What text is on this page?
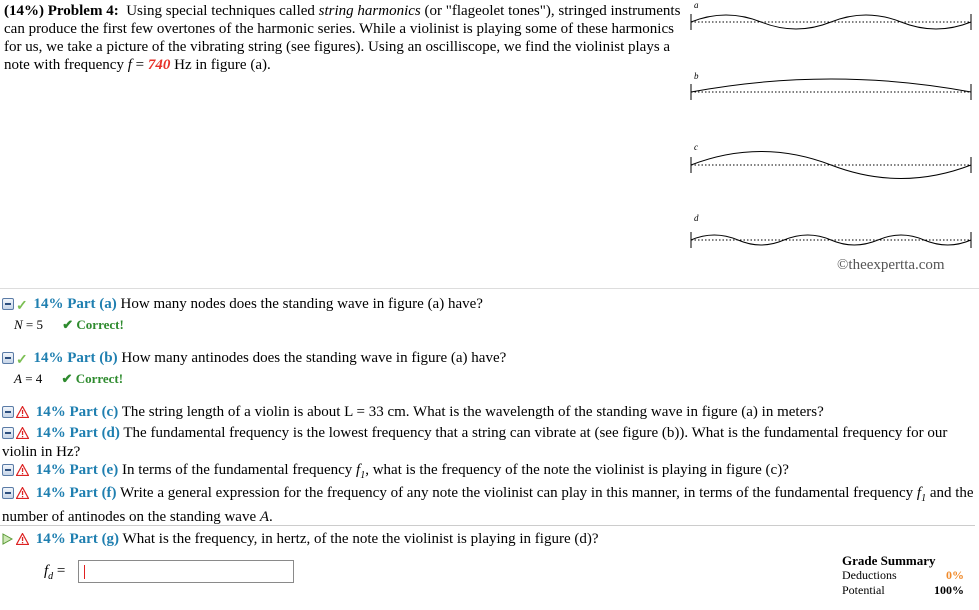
(14%) Problem 4: Using special techniques called string harmonics (or "flageolet tones"), stringed instruments can produce the first few overtones of the harmonic series. While a violinist is playing some of these harmonics for us, we take a picture of the vibrating string (see figures). Using an oscilliscope, we find the violinist plays a note with frequency f = 740 Hz in figure (a).
a
b
c
d
©theexpertta.com
✓ 14% Part (a) How many nodes does the standing wave in figure (a) have?
N = 5 ✔ Correct!
✓ 14% Part (b) How many antinodes does the standing wave in figure (a) have?
A = 4 ✔ Correct!
14% Part (c) The string length of a violin is about L = 33 cm. What is the wavelength of the standing wave in figure (a) in meters?
14% Part (d) The fundamental frequency is the lowest frequency that a string can vibrate at (see figure (b)). What is the fundamental frequency for our violin in Hz?
14% Part (e) In terms of the fundamental frequency $f_1$, what is the frequency of the note the violinist is playing in figure (c)?
14% Part (f) Write a general expression for the frequency of any note the violinist can play in this manner, in terms of the fundamental frequency $f_1$ and the number of antinodes on the standing wave A.
14% Part (g) What is the frequency, in hertz, of the note the violinist is playing in figure (d)?
$f_d$ =
Grade Summary
Deductions	0%
Potential	100%
